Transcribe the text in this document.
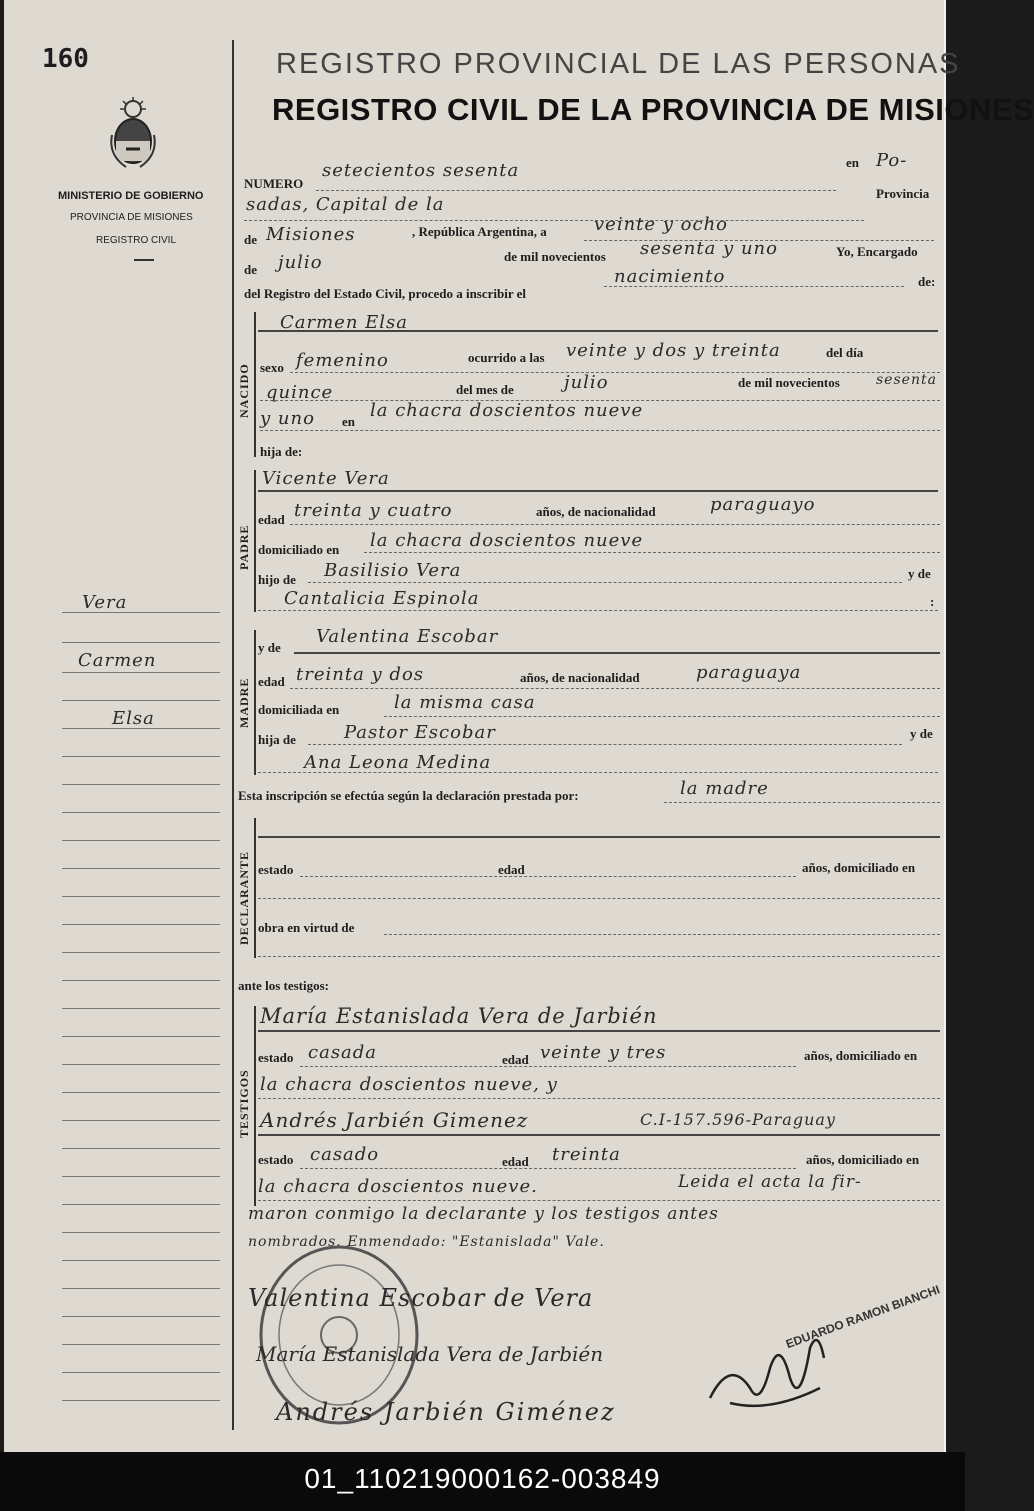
160
MINISTERIO DE GOBIERNO
PROVINCIA DE MISIONES
REGISTRO CIVIL
REGISTRO PROVINCIAL DE LAS PERSONAS
REGISTRO CIVIL DE LA PROVINCIA DE MISIONES
Vera
Carmen
Elsa
NUMERO
setecientos sesenta	en Po-
sadas, Capital de la
Provincia
de Misiones	, República Argentina, a	veinte y ocho
de julio	de mil novecientos sesenta y uno	Yo, Encargado
del Registro del Estado Civil, procedo a inscribir el
nacimiento	de:
NACIDO
Carmen Elsa
sexo femenino	ocurrido a las veinte y dos y treinta	del día
quince	del mes de	julio	de mil novecientos	sesenta
y uno en
la chacra doscientos nueve
hija de:
PADRE
Vicente Vera
edad treinta y cuatro	años, de nacionalidad	paraguayo
domiciliado en la chacra doscientos nueve
hijo de Basilisio Vera	y de
Cantalicia Espinola	:
MADRE
y de
Valentina Escobar
edad treinta y dos	años, de nacionalidad	paraguaya
domiciliada en	la misma casa
hija de	Pastor Escobar	y de
Ana Leona Medina
Esta inscripción se efectúa según la declaración prestada por:	la madre
DECLARANTE estado	edad	años, domiciliado en
obra en virtud de
ante los testigos:
TESTIGOS
María Estanislada Vera de Jarbién
estado casada	edad veinte y tres	años, domiciliado en
la chacra doscientos nueve, y
Andrés Jarbién Gimenez	C.I-157.596-Paraguay
estado casado	edad treinta	años, domiciliado en
la chacra doscientos nueve.	Leida el acta la fir-
maron conmigo la declarante y los testigos antes
nombrados. Enmendado: "Estanislada" Vale.
Valentina Escobar de Vera
María Estanislada Vera de Jarbién
Andrés Jarbién Giménez
EDUARDO RAMON BIANCHI
01_110219000162-003849
